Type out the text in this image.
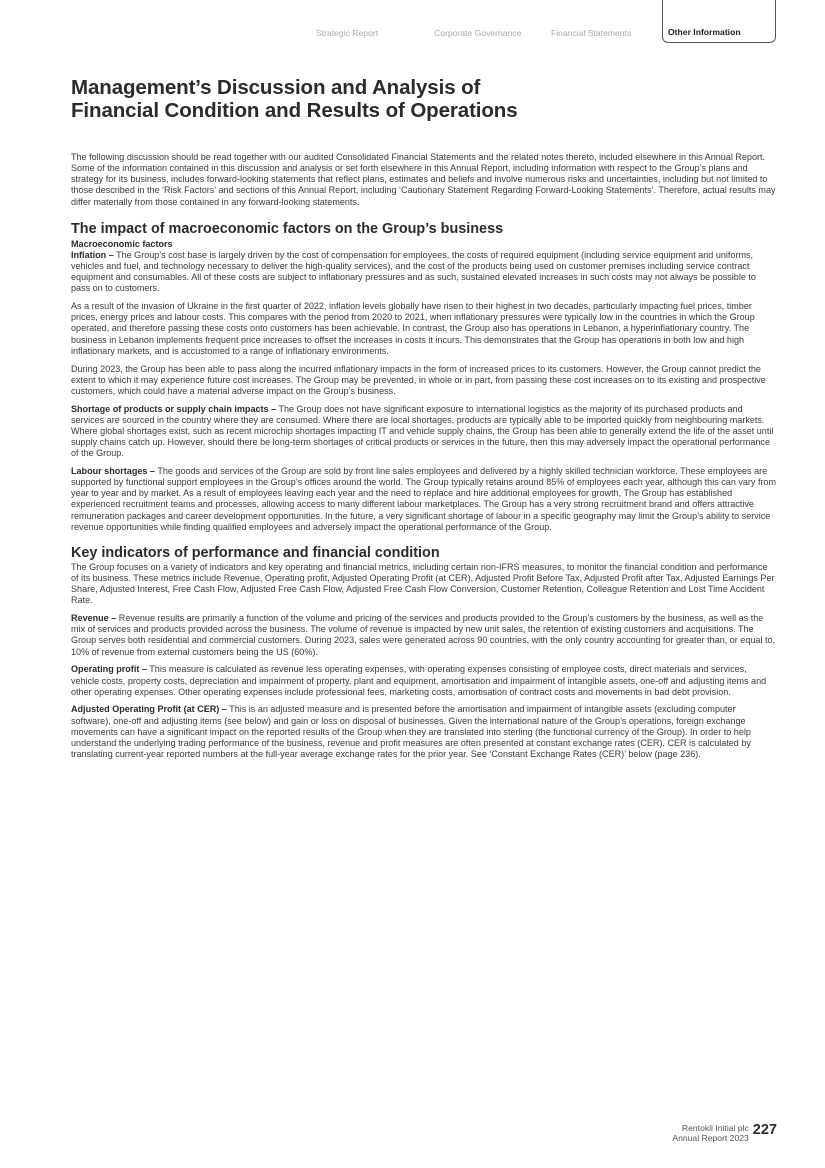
Strategic Report	Corporate Governance	Financial Statements	Other Information
Management’s Discussion and Analysis of
Financial Condition and Results of Operations

The following discussion should be read together with our audited Consolidated Financial Statements and the related notes thereto, included elsewhere in this Annual Report. Some of the information contained in this discussion and analysis or set forth elsewhere in this Annual Report, including information with respect to the Group’s plans and strategy for its business, includes forward-looking statements that reflect plans, estimates and beliefs and involve numerous risks and uncertainties, including but not limited to those described in the ‘Risk Factors’ and sections of this Annual Report, including ‘Cautionary Statement Regarding Forward-Looking Statements’. Therefore, actual results may differ materially from those contained in any forward-looking statements.

The impact of macroeconomic factors on the Group’s business
Macroeconomic factors

Inflation – The Group’s cost base is largely driven by the cost of compensation for employees, the costs of required equipment (including service equipment and uniforms, vehicles and fuel, and technology necessary to deliver the high-quality services), and the cost of the products being used on customer premises including service contract equipment and consumables. All of these costs are subject to inflationary pressures and as such, sustained elevated increases in such costs may not always be possible to pass on to customers.

As a result of the invasion of Ukraine in the first quarter of 2022, inflation levels globally have risen to their highest in two decades, particularly impacting fuel prices, timber prices, energy prices and labour costs. This compares with the period from 2020 to 2021, when inflationary pressures were typically low in the countries in which the Group operated, and therefore passing these costs onto customers has been achievable. In contrast, the Group also has operations in Lebanon, a hyperinflationary country. The business in Lebanon implements frequent price increases to offset the increases in costs it incurs. This demonstrates that the Group has operations in both low and high inflationary markets, and is accustomed to a range of inflationary environments.

During 2023, the Group has been able to pass along the incurred inflationary impacts in the form of increased prices to its customers. However, the Group cannot predict the extent to which it may experience future cost increases. The Group may be prevented, in whole or in part, from passing these cost increases on to its existing and prospective customers, which could have a material adverse impact on the Group’s business.

Shortage of products or supply chain impacts – The Group does not have significant exposure to international logistics as the majority of its purchased products and services are sourced in the country where they are consumed. Where there are local shortages, products are typically able to be imported quickly from neighbouring markets. Where global shortages exist, such as recent microchip shortages impacting IT and vehicle supply chains, the Group has been able to generally extend the life of the asset until supply chains catch up. However, should there be long-term shortages of critical products or services in the future, then this may adversely impact the operational performance of the Group.

Labour shortages – The goods and services of the Group are sold by front line sales employees and delivered by a highly skilled technician workforce. These employees are supported by functional support employees in the Group’s offices around the world. The Group typically retains around 85% of employees each year, although this can vary from year to year and by market. As a result of employees leaving each year and the need to replace and hire additional employees for growth, The Group has established experienced recruitment teams and processes, allowing access to many different labour marketplaces. The Group has a very strong recruitment brand and offers attractive remuneration packages and career development opportunities. In the future, a very significant shortage of labour in a specific geography may limit the Group’s ability to service revenue opportunities while finding qualified employees and adversely impact the operational performance of the Group.

Key indicators of performance and financial condition

The Group focuses on a variety of indicators and key operating and financial metrics, including certain non-IFRS measures, to monitor the financial condition and performance of its business. These metrics include Revenue, Operating profit, Adjusted Operating Profit (at CER), Adjusted Profit Before Tax, Adjusted Profit after Tax, Adjusted Earnings Per Share, Adjusted Interest, Free Cash Flow, Adjusted Free Cash Flow, Adjusted Free Cash Flow Conversion, Customer Retention, Colleague Retention and Lost Time Accident Rate.

Revenue – Revenue results are primarily a function of the volume and pricing of the services and products provided to the Group’s customers by the business, as well as the mix of services and products provided across the business. The volume of revenue is impacted by new unit sales, the retention of existing customers and acquisitions. The Group serves both residential and commercial customers. During 2023, sales were generated across 90 countries, with the only country accounting for greater than, or equal to, 10% of revenue from external customers being the US (60%).

Operating profit – This measure is calculated as revenue less operating expenses, with operating expenses consisting of employee costs, direct materials and services, vehicle costs, property costs, depreciation and impairment of property, plant and equipment, amortisation and impairment of intangible assets, one-off and adjusting items and other operating expenses. Other operating expenses include professional fees, marketing costs, amortisation of contract costs and movements in bad debt provision.

Adjusted Operating Profit (at CER) – This is an adjusted measure and is presented before the amortisation and impairment of intangible assets (excluding computer software), one-off and adjusting items (see below) and gain or loss on disposal of businesses. Given the international nature of the Group’s operations, foreign exchange movements can have a significant impact on the reported results of the Group when they are translated into sterling (the functional currency of the Group). In order to help understand the underlying trading performance of the business, revenue and profit measures are often presented at constant exchange rates (CER). CER is calculated by translating current-year reported numbers at the full-year average exchange rates for the prior year. See ‘Constant Exchange Rates (CER)’ below (page 236).

Rentokil Initial plc
Annual Report 2023 227
